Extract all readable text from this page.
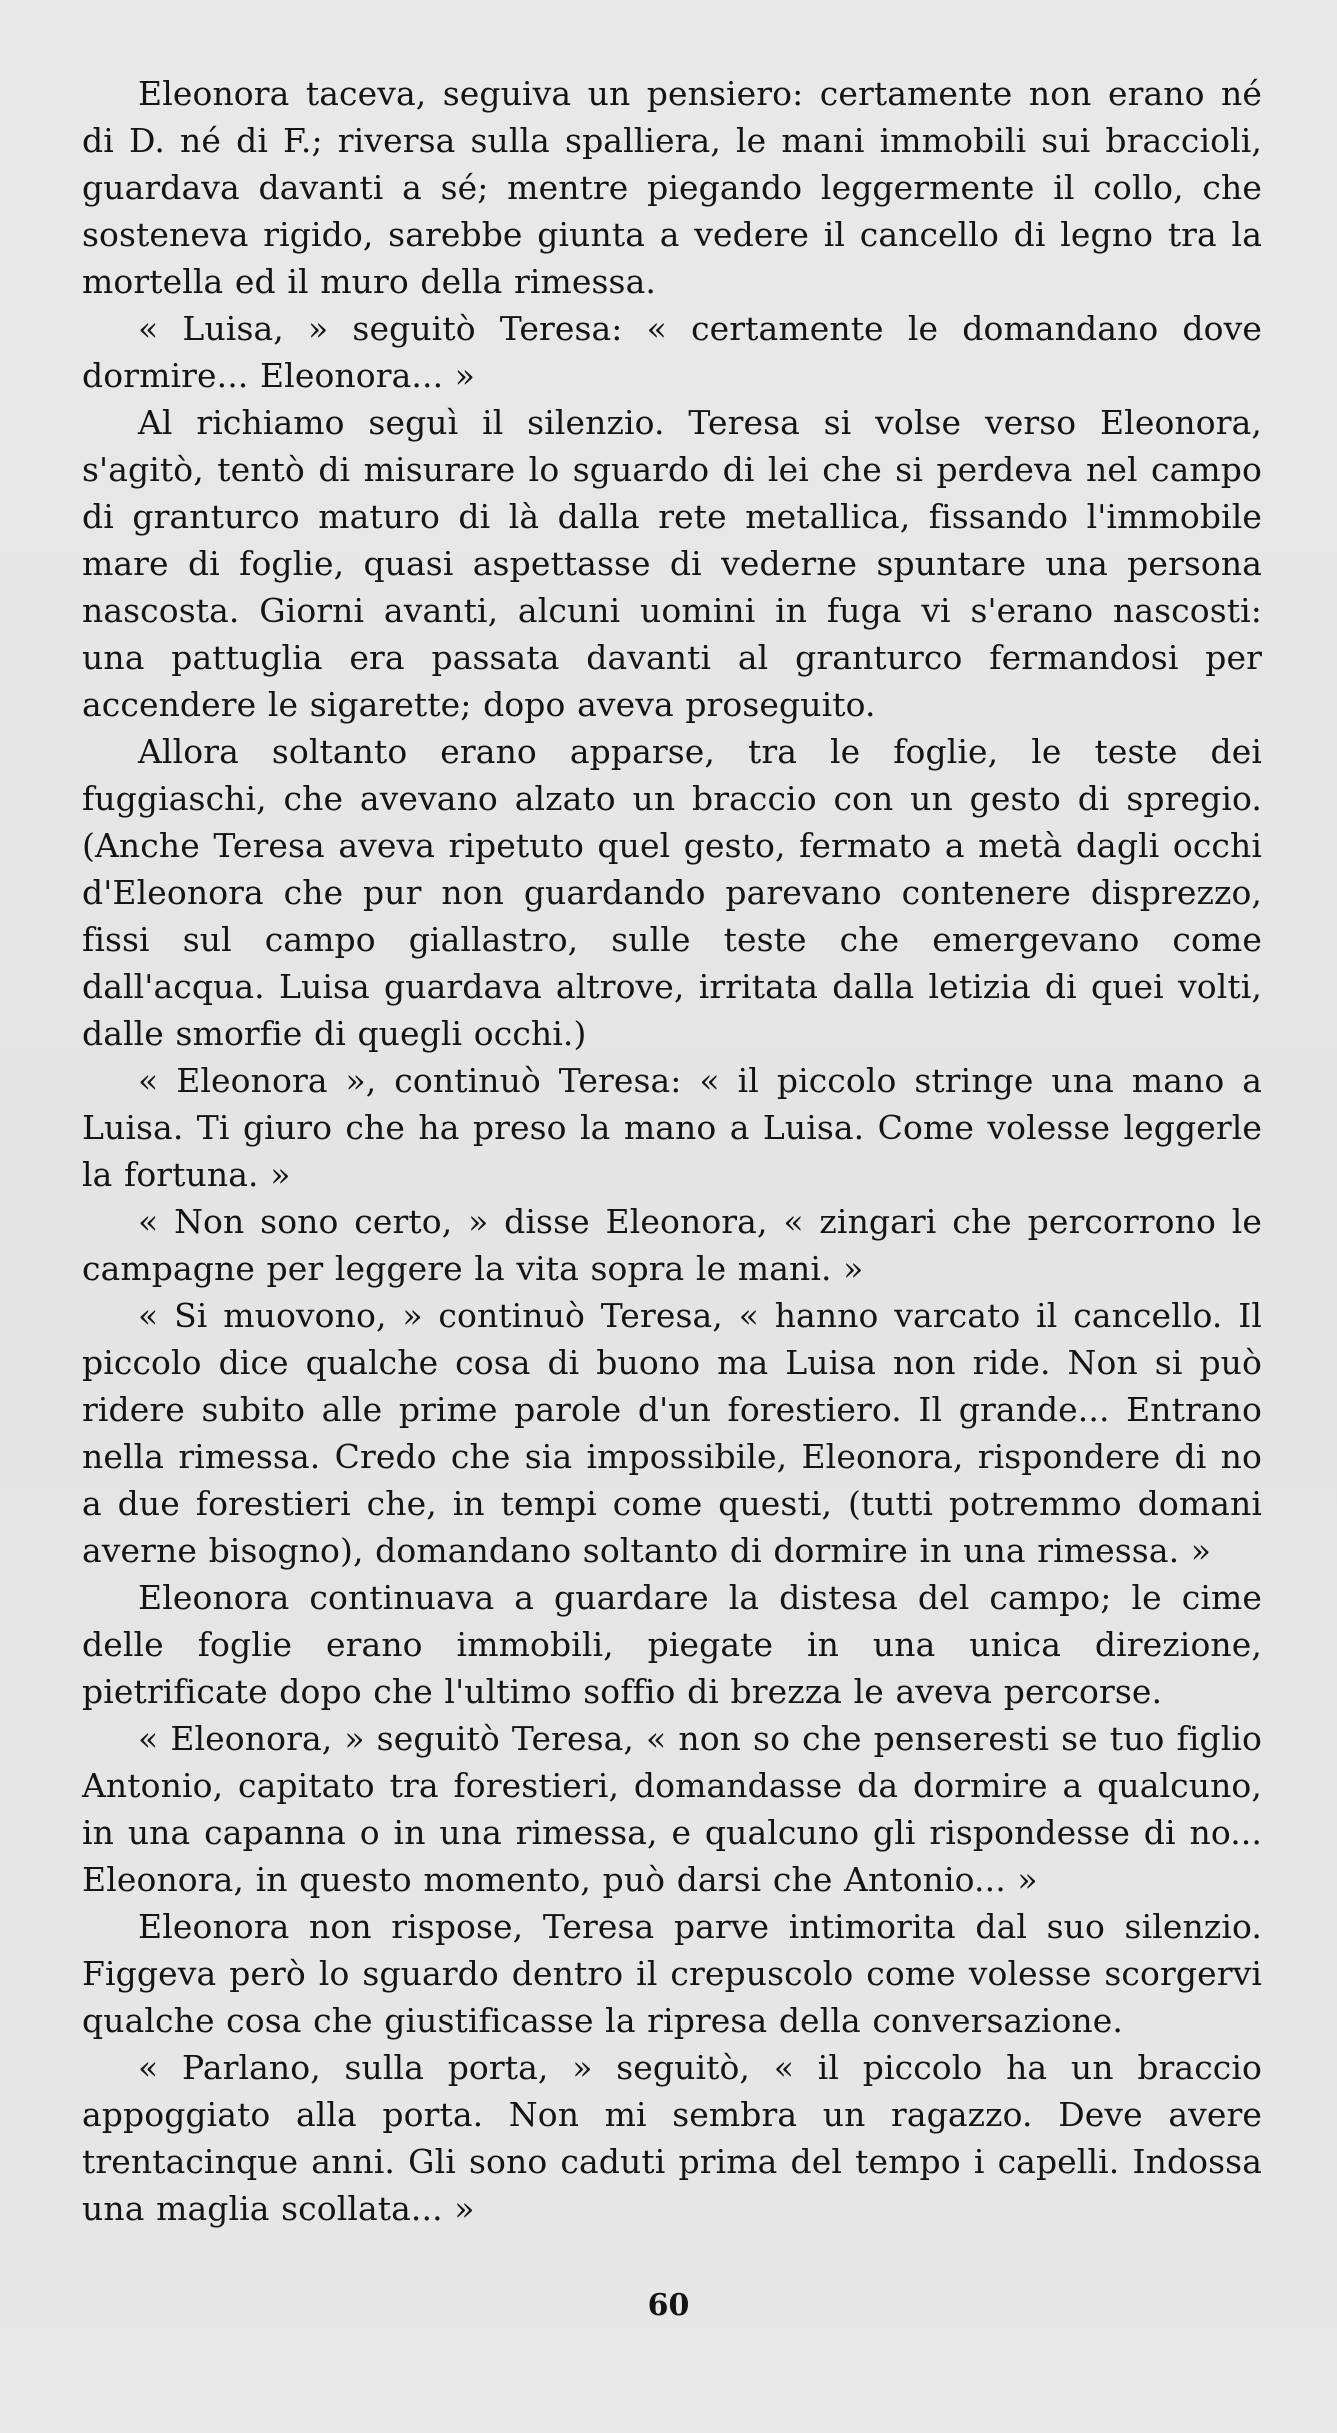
Eleonora taceva, seguiva un pensiero: certamente non erano né di D. né di F.; riversa sulla spalliera, le mani immobili sui braccioli, guardava davanti a sé; mentre piegando leggermente il collo, che sosteneva rigido, sarebbe giunta a vedere il cancello di legno tra la mortella ed il muro della rimessa.

« Luisa, » seguitò Teresa: « certamente le domandano dove dormire... Eleonora... »

Al richiamo seguì il silenzio. Teresa si volse verso Eleonora, s'agitò, tentò di misurare lo sguardo di lei che si perdeva nel campo di granturco maturo di là dalla rete metallica, fissando l'immobile mare di foglie, quasi aspettasse di vederne spuntare una persona nascosta. Giorni avanti, alcuni uomini in fuga vi s'erano nascosti: una pattuglia era passata davanti al granturco fermandosi per accendere le sigarette; dopo aveva proseguito.

Allora soltanto erano apparse, tra le foglie, le teste dei fuggiaschi, che avevano alzato un braccio con un gesto di spregio. (Anche Teresa aveva ripetuto quel gesto, fermato a metà dagli occhi d'Eleonora che pur non guardando parevano contenere disprezzo, fissi sul campo giallastro, sulle teste che emergevano come dall'acqua. Luisa guardava altrove, irritata dalla letizia di quei volti, dalle smorfie di quegli occhi.)

« Eleonora », continuò Teresa: « il piccolo stringe una mano a Luisa. Ti giuro che ha preso la mano a Luisa. Come volesse leggerle la fortuna. »

« Non sono certo, » disse Eleonora, « zingari che percorrono le campagne per leggere la vita sopra le mani. »

« Si muovono, » continuò Teresa, « hanno varcato il cancello. Il piccolo dice qualche cosa di buono ma Luisa non ride. Non si può ridere subito alle prime parole d'un forestiero. Il grande... Entrano nella rimessa. Credo che sia impossibile, Eleonora, rispondere di no a due forestieri che, in tempi come questi, (tutti potremmo domani averne bisogno), domandano soltanto di dormire in una rimessa. »

Eleonora continuava a guardare la distesa del campo; le cime delle foglie erano immobili, piegate in una unica direzione, pietrificate dopo che l'ultimo soffio di brezza le aveva percorse.

« Eleonora, » seguitò Teresa, « non so che penseresti se tuo figlio Antonio, capitato tra forestieri, domandasse da dormire a qualcuno, in una capanna o in una rimessa, e qualcuno gli rispondesse di no... Eleonora, in questo momento, può darsi che Antonio... »

Eleonora non rispose, Teresa parve intimorita dal suo silenzio. Figgeva però lo sguardo dentro il crepuscolo come volesse scorgervi qualche cosa che giustificasse la ripresa della conversazione.

« Parlano, sulla porta, » seguitò, « il piccolo ha un braccio appoggiato alla porta. Non mi sembra un ragazzo. Deve avere trentacinque anni. Gli sono caduti prima del tempo i capelli. Indossa una maglia scollata... »

60
